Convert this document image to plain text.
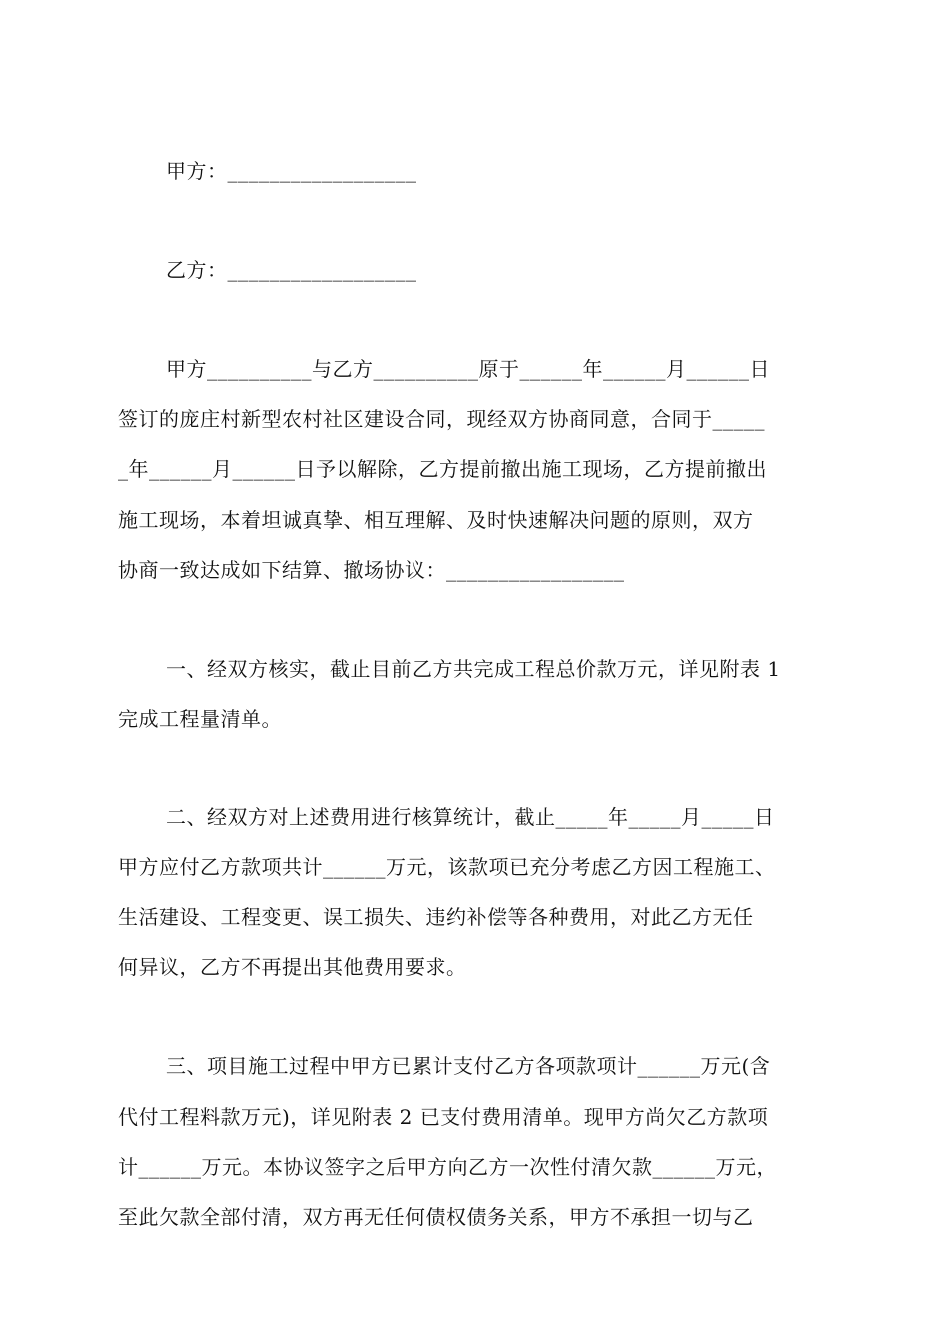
甲方：__________________
乙方：__________________
甲方__________与乙方__________原于______年______月______日
签订的庞庄村新型农村社区建设合同，现经双方协商同意，合同于_____
_年______月______日予以解除，乙方提前撤出施工现场，乙方提前撤出
施工现场，本着坦诚真挚、相互理解、及时快速解决问题的原则，双方
协商一致达成如下结算、撤场协议：_________________
一、经双方核实，截止目前乙方共完成工程总价款万元，详见附表 1
完成工程量清单。
二、经双方对上述费用进行核算统计，截止_____年_____月_____日
甲方应付乙方款项共计______万元，该款项已充分考虑乙方因工程施工、
生活建设、工程变更、误工损失、违约补偿等各种费用，对此乙方无任
何异议，乙方不再提出其他费用要求。
三、项目施工过程中甲方已累计支付乙方各项款项计______万元(含
代付工程料款万元)，详见附表 2 已支付费用清单。现甲方尚欠乙方款项
计______万元。本协议签字之后甲方向乙方一次性付清欠款______万元，
至此欠款全部付清，双方再无任何债权债务关系，甲方不承担一切与乙
